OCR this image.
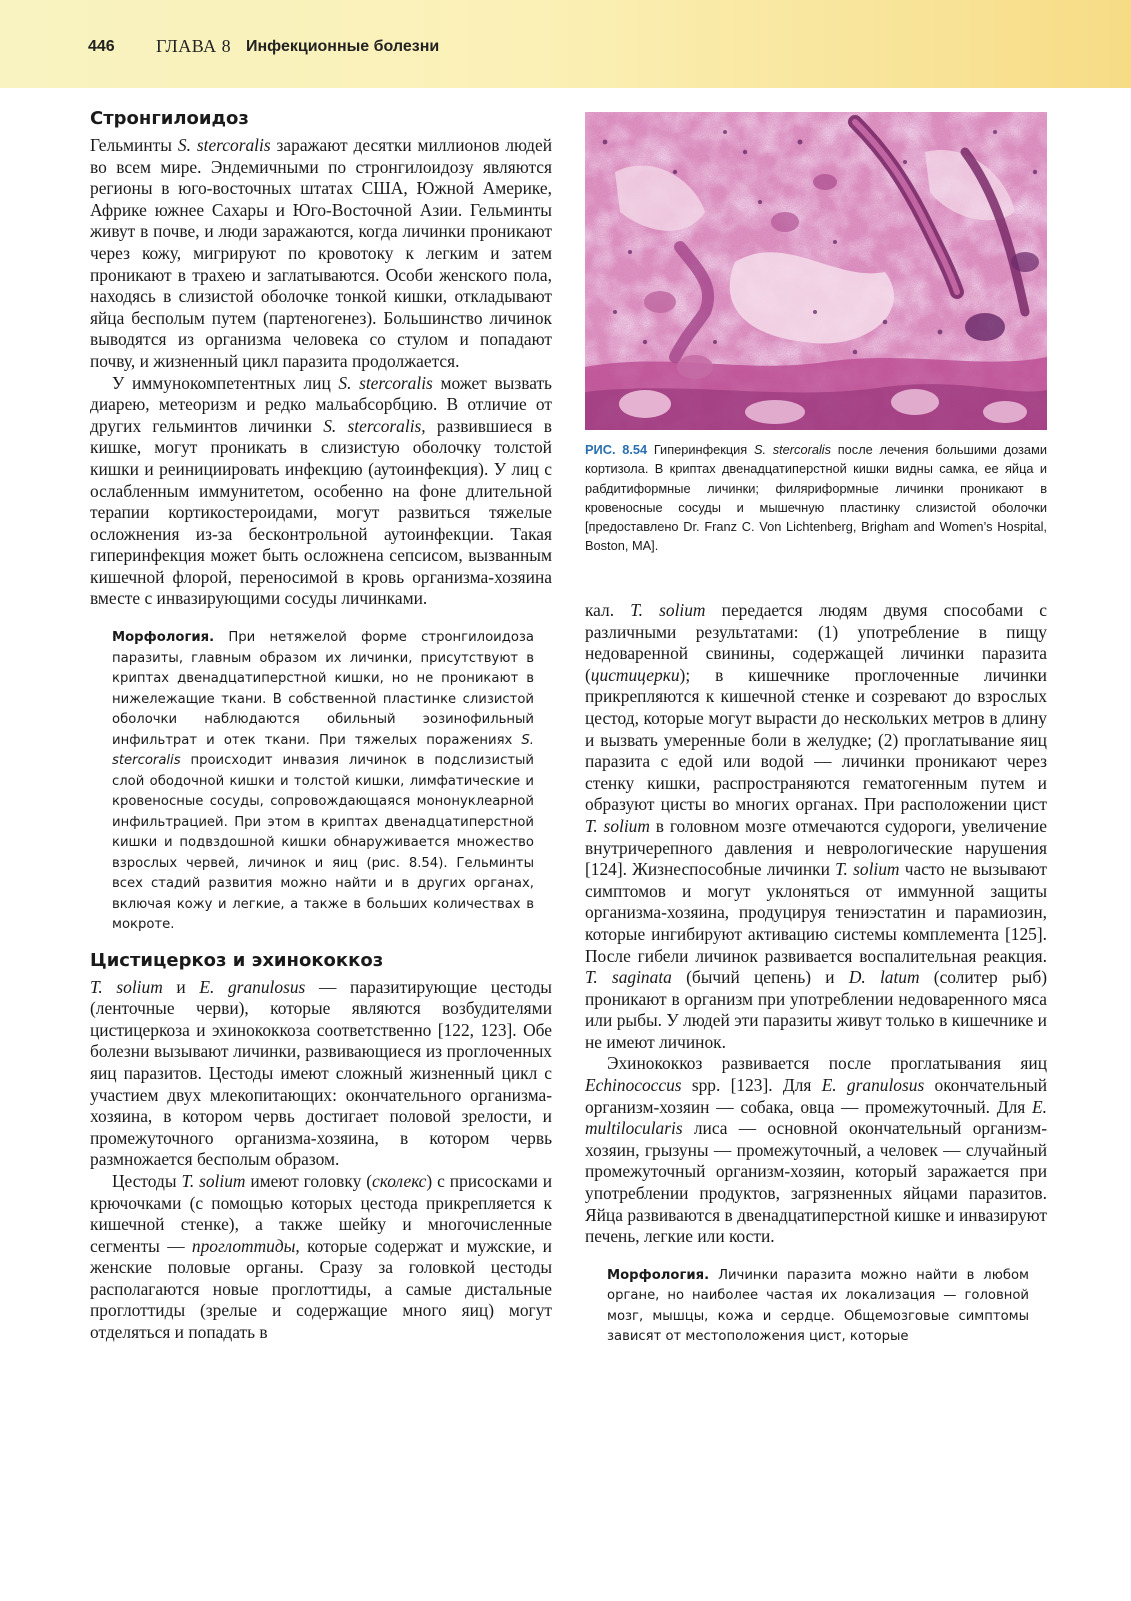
446 ГЛАВА 8 Инфекционные болезни
Стронгилоидоз

Гельминты S. stercoralis заражают десятки миллионов людей во всем мире. Эндемичными по стронгилоидозу являются регионы в юго-восточных штатах США, Южной Америке, Африке южнее Сахары и Юго-Восточной Азии. Гельминты живут в почве, и люди заражаются, когда личинки проникают через кожу, мигрируют по кровотоку к легким и затем проникают в трахею и заглатываются. Особи женского пола, находясь в слизистой оболочке тонкой кишки, откладывают яйца бесполым путем (партеногенез). Большинство личинок выводятся из организма человека со стулом и попадают почву, и жизненный цикл паразита продолжается.

У иммунокомпетентных лиц S. stercoralis может вызвать диарею, метеоризм и редко мальабсорбцию. В отличие от других гельминтов личинки S. stercoralis, развившиеся в кишке, могут проникать в слизистую оболочку толстой кишки и реинициировать инфекцию (аутоинфекция). У лиц с ослабленным иммунитетом, особенно на фоне длительной терапии кортикостероидами, могут развиться тяжелые осложнения из-за бесконтрольной аутоинфекции. Такая гиперинфекция может быть осложнена сепсисом, вызванным кишечной флорой, переносимой в кровь организма-хозяина вместе с инвазирующими сосуды личинками.

Морфология. При нетяжелой форме стронгилоидоза паразиты, главным образом их личинки, присутствуют в криптах двенадцатиперстной кишки, но не проникают в нижележащие ткани. В собственной пластинке слизистой оболочки наблюдаются обильный эозинофильный инфильтрат и отек ткани. При тяжелых поражениях S. stercoralis происходит инвазия личинок в подслизистый слой ободочной кишки и толстой кишки, лимфатические и кровеносные сосуды, сопровождающаяся мононуклеарной инфильтрацией. При этом в криптах двенадцатиперстной кишки и подвздошной кишки обнаруживается множество взрослых червей, личинок и яиц (рис. 8.54). Гельминты всех стадий развития можно найти и в других органах, включая кожу и легкие, а также в больших количествах в мокроте.

Цистицеркоз и эхинококкоз

T. solium и E. granulosus — паразитирующие цестоды (ленточные черви), которые являются возбудителями цистицеркоза и эхинококкоза соответственно [122, 123]. Обе болезни вызывают личинки, развивающиеся из проглоченных яиц паразитов. Цестоды имеют сложный жизненный цикл с участием двух млекопитающих: окончательного организма-хозяина, в котором червь достигает половой зрелости, и промежуточного организма-хозяина, в котором червь размножается бесполым образом.

Цестоды T. solium имеют головку (сколекс) с присосками и крючочками (с помощью которых цестода прикрепляется к кишечной стенке), а также шейку и многочисленные сегменты — проглоттиды, которые содержат и мужские, и женские половые органы. Сразу за головкой цестоды располагаются новые проглоттиды, а самые дистальные проглоттиды (зрелые и содержащие много яиц) могут отделяться и попадать в

РИС. 8.54 Гиперинфекция S. stercoralis после лечения большими дозами кортизола. В криптах двенадцатиперстной кишки видны самка, ее яйца и рабдитиформные личинки; филяриформные личинки проникают в кровеносные сосуды и мышечную пластинку слизистой оболочки [предоставлено Dr. Franz C. Von Lichtenberg, Brigham and Women’s Hospital, Boston, MA].

кал. T. solium передается людям двумя способами с различными результатами: (1) употребление в пищу недоваренной свинины, содержащей личинки паразита (цистицерки); в кишечнике проглоченные личинки прикрепляются к кишечной стенке и созревают до взрослых цестод, которые могут вырасти до нескольких метров в длину и вызвать умеренные боли в желудке; (2) проглатывание яиц паразита с едой или водой — личинки проникают через стенку кишки, распространяются гематогенным путем и образуют цисты во многих органах. При расположении цист T. solium в головном мозге отмечаются судороги, увеличение внутричерепного давления и неврологические нарушения [124]. Жизнеспособные личинки T. solium часто не вызывают симптомов и могут уклоняться от иммунной защиты организма-хозяина, продуцируя тениэстатин и парамиозин, которые ингибируют активацию системы комплемента [125]. После гибели личинок развивается воспалительная реакция. T. saginata (бычий цепень) и D. latum (солитер рыб) проникают в организм при употреблении недоваренного мяса или рыбы. У людей эти паразиты живут только в кишечнике и не имеют личинок.

Эхинококкоз развивается после проглатывания яиц Echinococcus spp. [123]. Для E. granulosus окончательный организм-хозяин — собака, овца — промежуточный. Для E. multilocularis лиса — основной окончательный организм-хозяин, грызуны — промежуточный, а человек — случайный промежуточный организм-хозяин, который заражается при употреблении продуктов, загрязненных яйцами паразитов. Яйца развиваются в двенадцатиперстной кишке и инвазируют печень, легкие или кости.

Морфология. Личинки паразита можно найти в любом органе, но наиболее частая их локализация — головной мозг, мышцы, кожа и сердце. Общемозговые симптомы зависят от местоположения цист, которые
